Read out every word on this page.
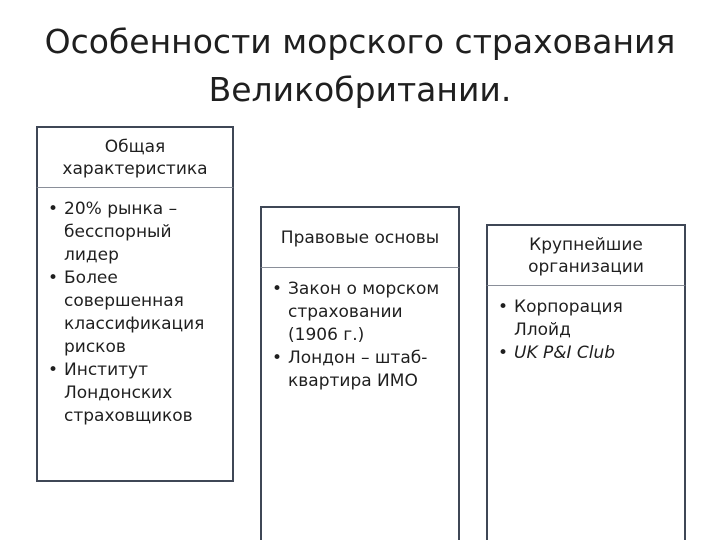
Особенности морского страхования
Великобритании.
Общая
характеристика
• 20% рынка – бесспорный лидер
• Более совершенная классификация рисков
• Институт Лондонских страховщиков
Правовые основы
• Закон о морском страховании (1906 г.)
• Лондон – штаб-квартира ИМО
Крупнейшие
организации
• Корпорация Ллойд
• UK P&I Club
